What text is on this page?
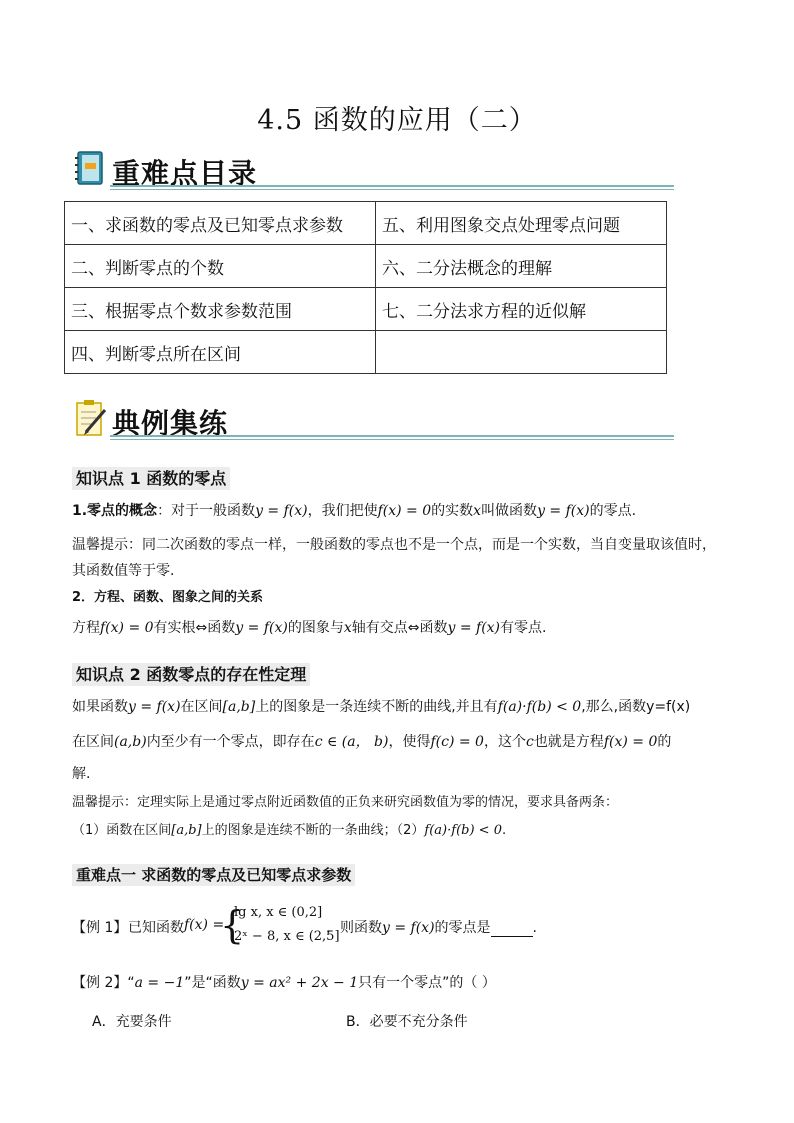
4.5 函数的应用（二）
重难点目录
一、求函数的零点及已知零点求参数	五、利用图象交点处理零点问题
二、判断零点的个数	六、二分法概念的理解
三、根据零点个数求参数范围	七、二分法求方程的近似解
四、判断零点所在区间	
典例集练
知识点 1 函数的零点
1.零点的概念：对于一般函数y = f(x)，我们把使f(x) = 0的实数x叫做函数y = f(x)的零点.
温馨提示：同二次函数的零点一样，一般函数的零点也不是一个点，而是一个实数，当自变量取该值时，其函数值等于零.
2．方程、函数、图象之间的关系
方程f(x) = 0有实根⇔函数y = f(x)的图象与x轴有交点⇔函数y = f(x)有零点.
知识点 2 函数零点的存在性定理
如果函数y = f(x)在区间[a,b]上的图象是一条连续不断的曲线,并且有f(a)·f(b) < 0,那么,函数y=f(x)
在区间(a,b)内至少有一个零点，即存在c ∈ (a， b)，使得f(c) = 0，这个c也就是方程f(x) = 0的
解.
温馨提示：定理实际上是通过零点附近函数值的正负来研究函数值为零的情况，要求具备两条：
（1）函数在区间[a,b]上的图象是连续不断的一条曲线；（2）f(a)·f(b) < 0.
重难点一 求函数的零点及已知零点求参数
【例 1】 已知函数 f(x) =
{
lg x, x ∈ (0,2]
2ˣ − 8, x ∈ (2,5]
，则函数y = f(x)的零点是	.
【例 2】“a = −1”是“函数y = ax² + 2x − 1只有一个零点”的（ ）
A．充要条件	B．必要不充分条件
